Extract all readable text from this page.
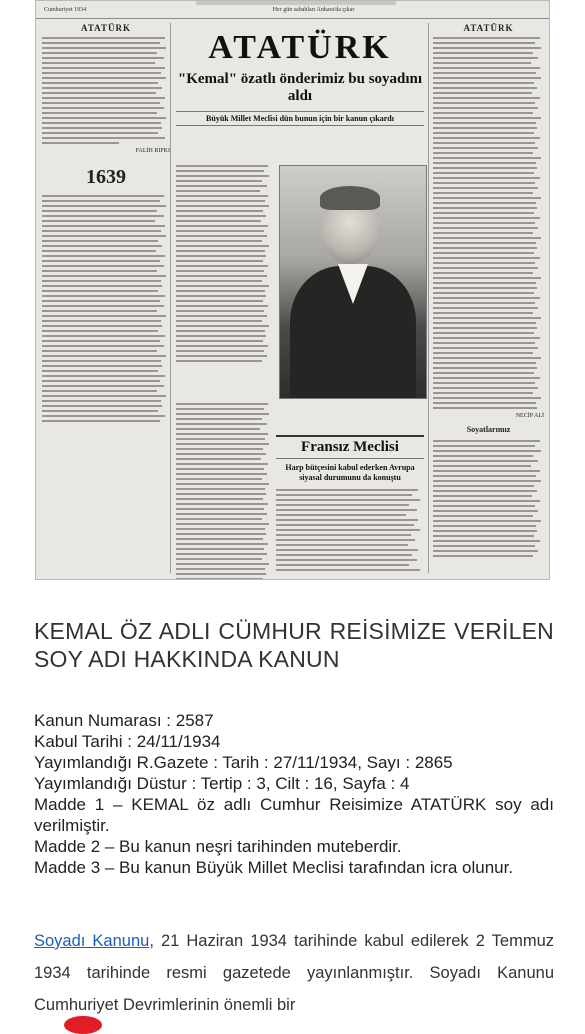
Cumhuriyet 1934	Her gün sabahları Ankara'da çıkar
ATATÜRK
FALİH RIFKI
1639
ATATÜRK
"Kemal" özatlı önderimiz bu soyadını aldı
Büyük Millet Meclisi dün bunun için bir kanun çıkardı
Fransız Meclisi
Harp bütçesini kabul ederken Avrupa siyasal durumunu da konuştu
ATATÜRK
NECİP ALİ
Soyatlarımız
KEMAL ÖZ ADLI CÜMHUR REİSİMİZE VERİLEN SOY ADI HAKKINDA KANUN

Kanun Numarası : 2587

Kabul Tarihi : 24/11/1934

Yayımlandığı R.Gazete : Tarih : 27/11/1934, Sayı : 2865

Yayımlandığı Düstur : Tertip : 3, Cilt : 16, Sayfa : 4

Madde 1 – KEMAL öz adlı Cumhur Reisimize ATATÜRK soy adı verilmiştir.

Madde 2 – Bu kanun neşri tarihinden muteberdir.

Madde 3 – Bu kanun Büyük Millet Meclisi tarafından icra olunur.

Soyadı Kanunu, 21 Haziran 1934 tarihinde kabul edilerek 2 Temmuz 1934 tarihinde resmi gazetede yayınlanmıştır. Soyadı Kanunu Cumhuriyet Devrimlerinin önemli bir
